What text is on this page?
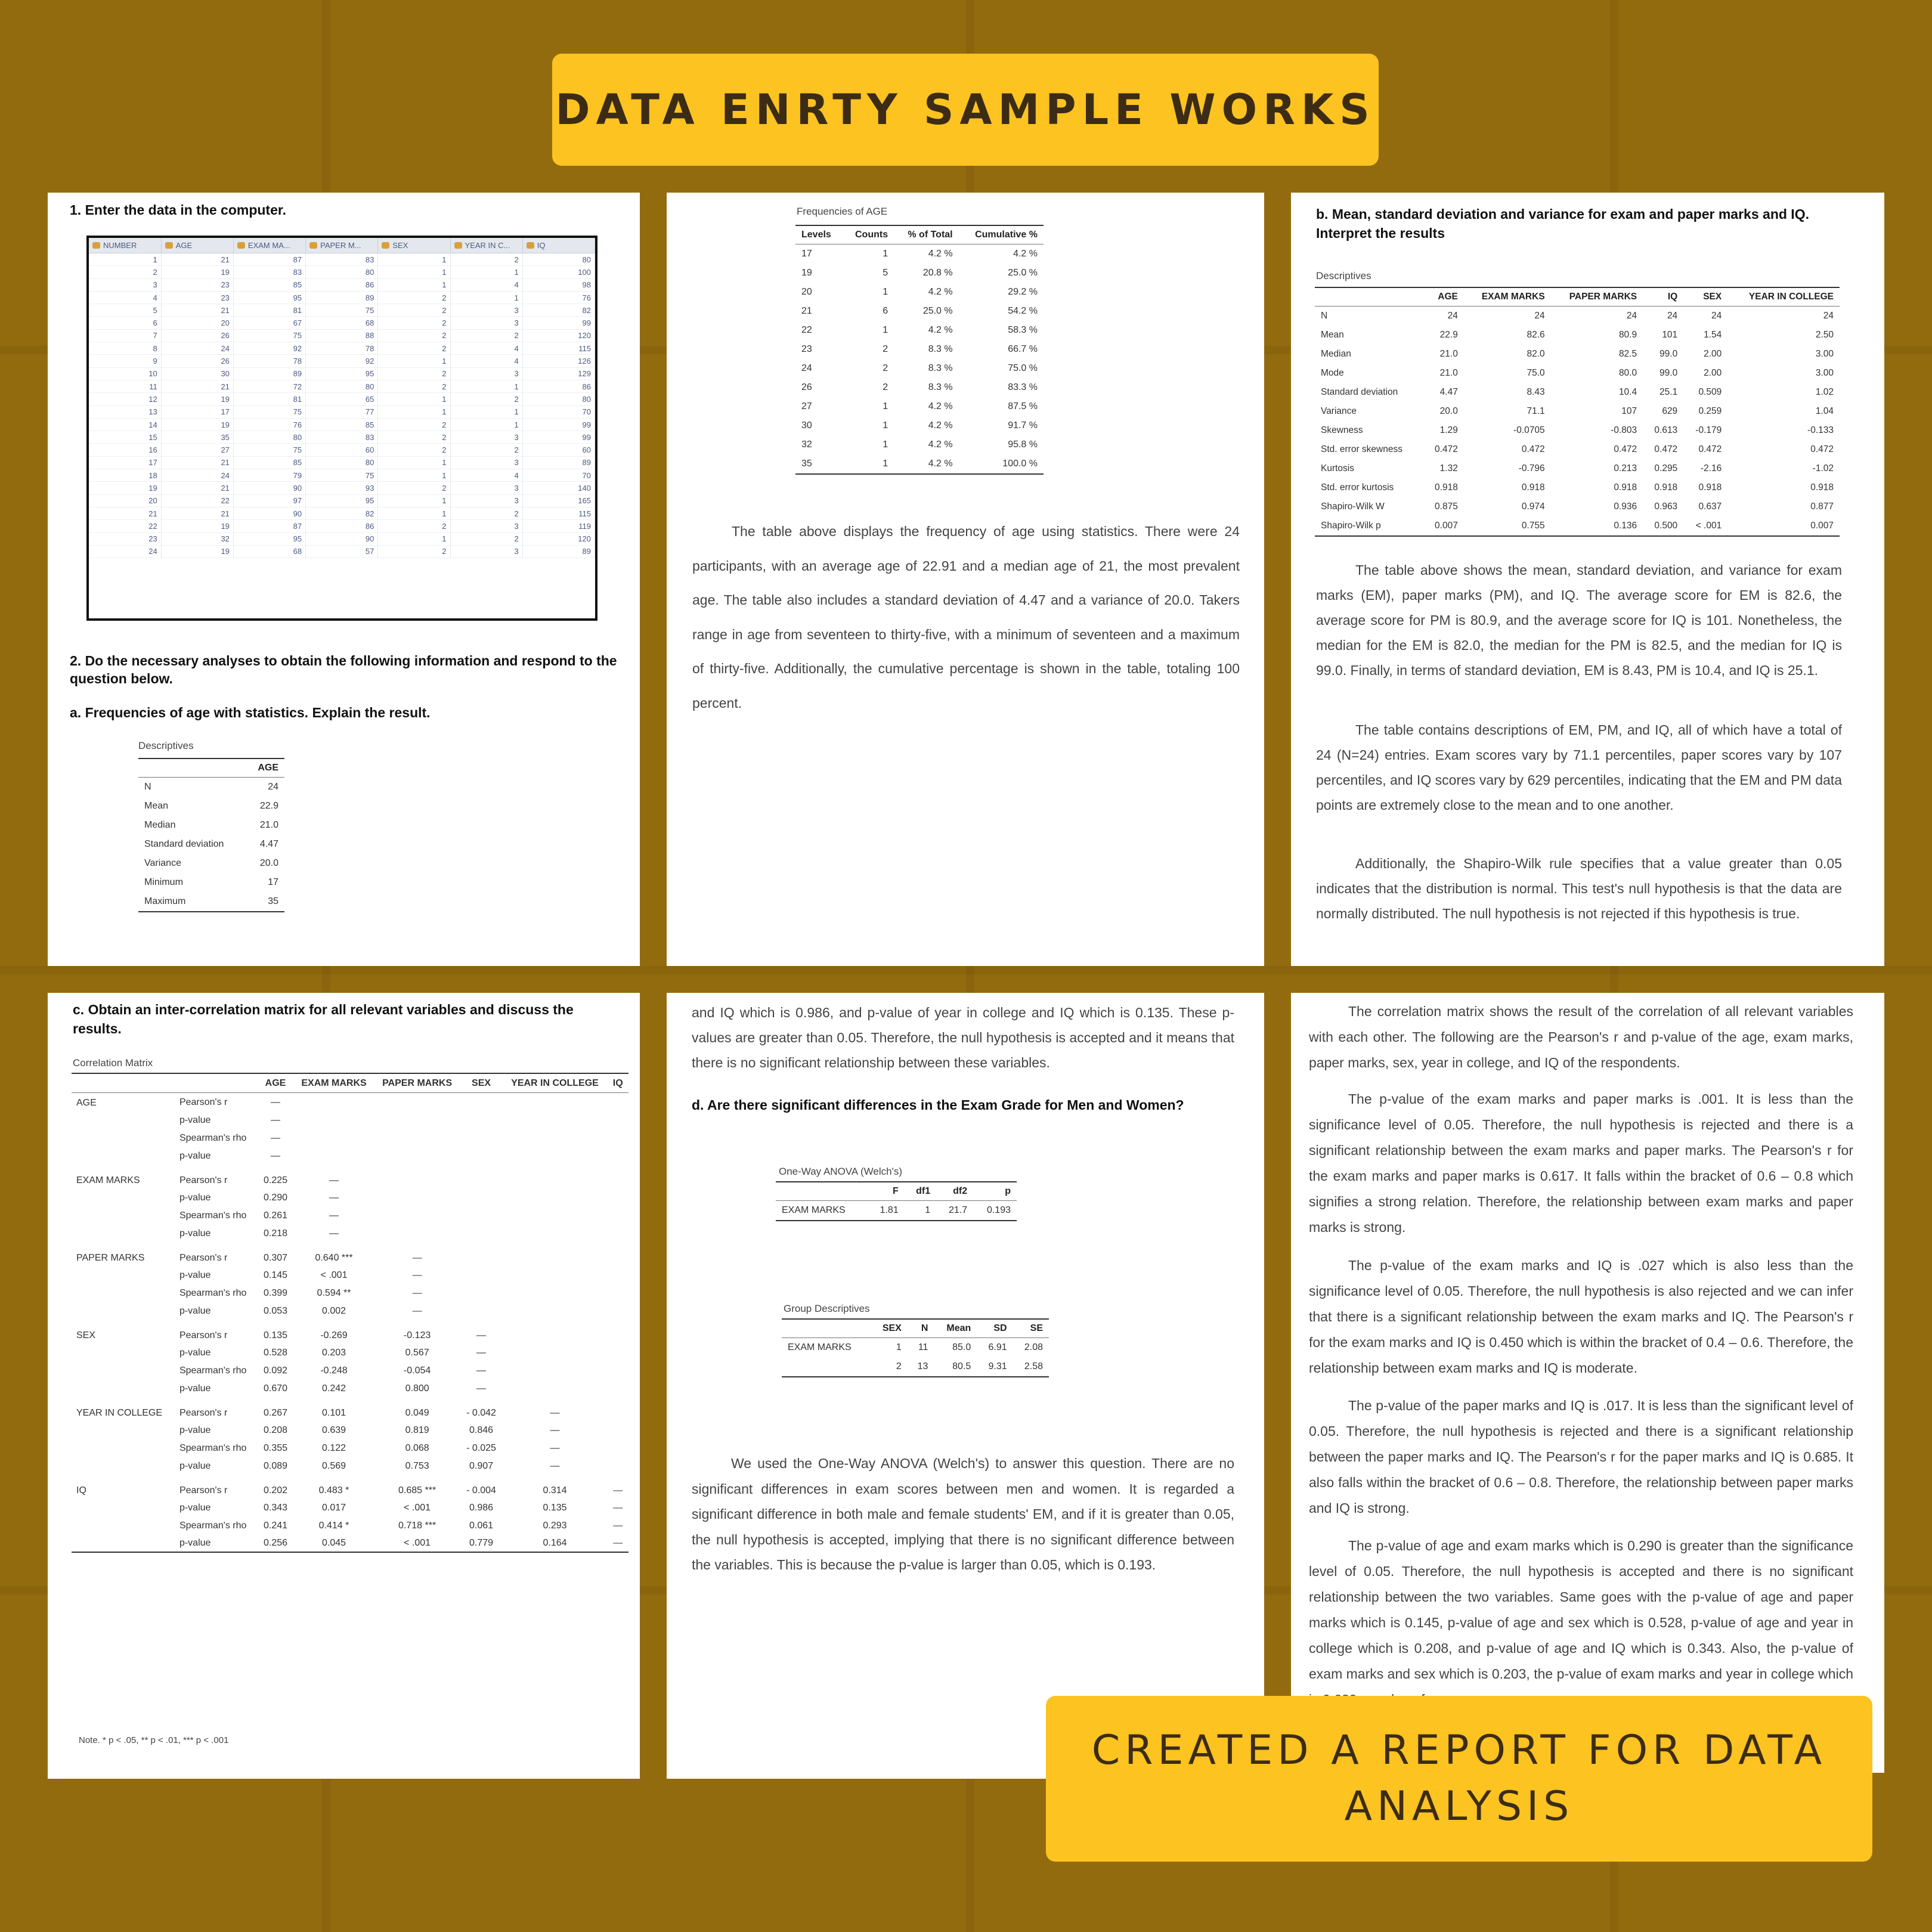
DATA ENRTY SAMPLE WORKS
1. Enter the data in the computer.
NUMBER	AGE	EXAM MA...	PAPER M...	SEX	YEAR IN C...	IQ
1	21	87	83	1	2	80
2	19	83	80	1	1	100
3	23	85	86	1	4	98
4	23	95	89	2	1	76
5	21	81	75	2	3	82
6	20	67	68	2	3	99
7	26	75	88	2	2	120
8	24	92	78	2	4	115
9	26	78	92	1	4	126
10	30	89	95	2	3	129
11	21	72	80	2	1	86
12	19	81	65	1	2	80
13	17	75	77	1	1	70
14	19	76	85	2	1	99
15	35	80	83	2	3	99
16	27	75	60	2	2	60
17	21	85	80	1	3	89
18	24	79	75	1	4	70
19	21	90	93	2	3	140
20	22	97	95	1	3	165
21	21	90	82	1	2	115
22	19	87	86	2	3	119
23	32	95	90	1	2	120
24	19	68	57	2	3	89
2. Do the necessary analyses to obtain the following information and respond to the question below.
a. Frequencies of age with statistics. Explain the result.
Descriptives
	AGE
N	24
Mean	22.9
Median	21.0
Standard deviation	4.47
Variance	20.0
Minimum	17
Maximum	35
Frequencies of AGE
Levels	Counts	% of Total	Cumulative %
17	1	4.2 %	4.2 %
19	5	20.8 %	25.0 %
20	1	4.2 %	29.2 %
21	6	25.0 %	54.2 %
22	1	4.2 %	58.3 %
23	2	8.3 %	66.7 %
24	2	8.3 %	75.0 %
26	2	8.3 %	83.3 %
27	1	4.2 %	87.5 %
30	1	4.2 %	91.7 %
32	1	4.2 %	95.8 %
35	1	4.2 %	100.0 %
The table above displays the frequency of age using statistics. There were 24 participants, with an average age of 22.91 and a median age of 21, the most prevalent age. The table also includes a standard deviation of 4.47 and a variance of 20.0. Takers range in age from seventeen to thirty-five, with a minimum of seventeen and a maximum of thirty-five. Additionally, the cumulative percentage is shown in the table, totaling 100 percent.
b. Mean, standard deviation and variance for exam and paper marks and IQ. Interpret the results
Descriptives
	AGE	EXAM MARKS	PAPER MARKS	IQ	SEX	YEAR IN COLLEGE
N	24	24	24	24	24	24
Mean	22.9	82.6	80.9	101	1.54	2.50
Median	21.0	82.0	82.5	99.0	2.00	3.00
Mode	21.0	75.0	80.0	99.0	2.00	3.00
Standard deviation	4.47	8.43	10.4	25.1	0.509	1.02
Variance	20.0	71.1	107	629	0.259	1.04
Skewness	1.29	-0.0705	-0.803	0.613	-0.179	-0.133
Std. error skewness	0.472	0.472	0.472	0.472	0.472	0.472
Kurtosis	1.32	-0.796	0.213	0.295	-2.16	-1.02
Std. error kurtosis	0.918	0.918	0.918	0.918	0.918	0.918
Shapiro-Wilk W	0.875	0.974	0.936	0.963	0.637	0.877
Shapiro-Wilk p	0.007	0.755	0.136	0.500	< .001	0.007
The table above shows the mean, standard deviation, and variance for exam marks (EM), paper marks (PM), and IQ. The average score for EM is 82.6, the average score for PM is 80.9, and the average score for IQ is 101. Nonetheless, the median for the EM is 82.0, the median for the PM is 82.5, and the median for IQ is 99.0. Finally, in terms of standard deviation, EM is 8.43, PM is 10.4, and IQ is 25.1.
The table contains descriptions of EM, PM, and IQ, all of which have a total of 24 (N=24) entries. Exam scores vary by 71.1 percentiles, paper scores vary by 107 percentiles, and IQ scores vary by 629 percentiles, indicating that the EM and PM data points are extremely close to the mean and to one another.
Additionally, the Shapiro-Wilk rule specifies that a value greater than 0.05 indicates that the distribution is normal. This test's null hypothesis is that the data are normally distributed. The null hypothesis is not rejected if this hypothesis is true.
c. Obtain an inter-correlation matrix for all relevant variables and discuss the results.
Correlation Matrix
		AGE	EXAM MARKS	PAPER MARKS	SEX	YEAR IN COLLEGE	IQ
AGE	Pearson's r	—					
	p-value	—					
	Spearman's rho	—					
	p-value	—					
EXAM MARKS	Pearson's r	0.225	—				
	p-value	0.290	—				
	Spearman's rho	0.261	—				
	p-value	0.218	—				
PAPER MARKS	Pearson's r	0.307	0.640 ***	—			
	p-value	0.145	< .001	—			
	Spearman's rho	0.399	0.594 **	—			
	p-value	0.053	0.002	—			
SEX	Pearson's r	0.135	-0.269	-0.123	—		
	p-value	0.528	0.203	0.567	—		
	Spearman's rho	0.092	-0.248	-0.054	—		
	p-value	0.670	0.242	0.800	—		
YEAR IN COLLEGE	Pearson's r	0.267	0.101	0.049	- 0.042	—	
	p-value	0.208	0.639	0.819	0.846	—	
	Spearman's rho	0.355	0.122	0.068	- 0.025	—	
	p-value	0.089	0.569	0.753	0.907	—	
IQ	Pearson's r	0.202	0.483 *	0.685 ***	- 0.004	0.314	—
	p-value	0.343	0.017	< .001	0.986	0.135	—
	Spearman's rho	0.241	0.414 *	0.718 ***	0.061	0.293	—
	p-value	0.256	0.045	< .001	0.779	0.164	—
Note. * p < .05, ** p < .01, *** p < .001
and IQ which is 0.986, and p-value of year in college and IQ which is 0.135. These p-values are greater than 0.05. Therefore, the null hypothesis is accepted and it means that there is no significant relationship between these variables.
d. Are there significant differences in the Exam Grade for Men and Women?
One-Way ANOVA (Welch's)
	F	df1	df2	p
EXAM MARKS	1.81	1	21.7	0.193
Group Descriptives
	SEX	N	Mean	SD	SE
EXAM MARKS	1	11	85.0	6.91	2.08
	2	13	80.5	9.31	2.58
We used the One-Way ANOVA (Welch's) to answer this question. There are no significant differences in exam scores between men and women. It is regarded a significant difference in both male and female students' EM, and if it is greater than 0.05, the null hypothesis is accepted, implying that there is no significant difference between the variables. This is because the p-value is larger than 0.05, which is 0.193.
The correlation matrix shows the result of the correlation of all relevant variables with each other. The following are the Pearson's r and p-value of the age, exam marks, paper marks, sex, year in college, and IQ of the respondents.
The p-value of the exam marks and paper marks is .001. It is less than the significance level of 0.05. Therefore, the null hypothesis is rejected and there is a significant relationship between the exam marks and paper marks. The Pearson's r for the exam marks and paper marks is 0.617. It falls within the bracket of 0.6 – 0.8 which signifies a strong relation. Therefore, the relationship between exam marks and paper marks is strong.
The p-value of the exam marks and IQ is .027 which is also less than the significance level of 0.05. Therefore, the null hypothesis is also rejected and we can infer that there is a significant relationship between the exam marks and IQ. The Pearson's r for the exam marks and IQ is 0.450 which is within the bracket of 0.4 – 0.6. Therefore, the relationship between exam marks and IQ is moderate.
The p-value of the paper marks and IQ is .017. It is less than the significant level of 0.05. Therefore, the null hypothesis is rejected and there is a significant relationship between the paper marks and IQ. The Pearson's r for the paper marks and IQ is 0.685. It also falls within the bracket of 0.6 – 0.8. Therefore, the relationship between paper marks and IQ is strong.
The p-value of age and exam marks which is 0.290 is greater than the significance level of 0.05. Therefore, the null hypothesis is accepted and there is no significant relationship between the two variables. Same goes with the p-value of age and paper marks which is 0.145, p-value of age and sex which is 0.528, p-value of age and year in college which is 0.208, and p-value of age and IQ which is 0.343. Also, the p-value of exam marks and sex which is 0.203, the p-value of exam marks and year in college which
CREATED A REPORT FOR DATA
ANALYSIS
